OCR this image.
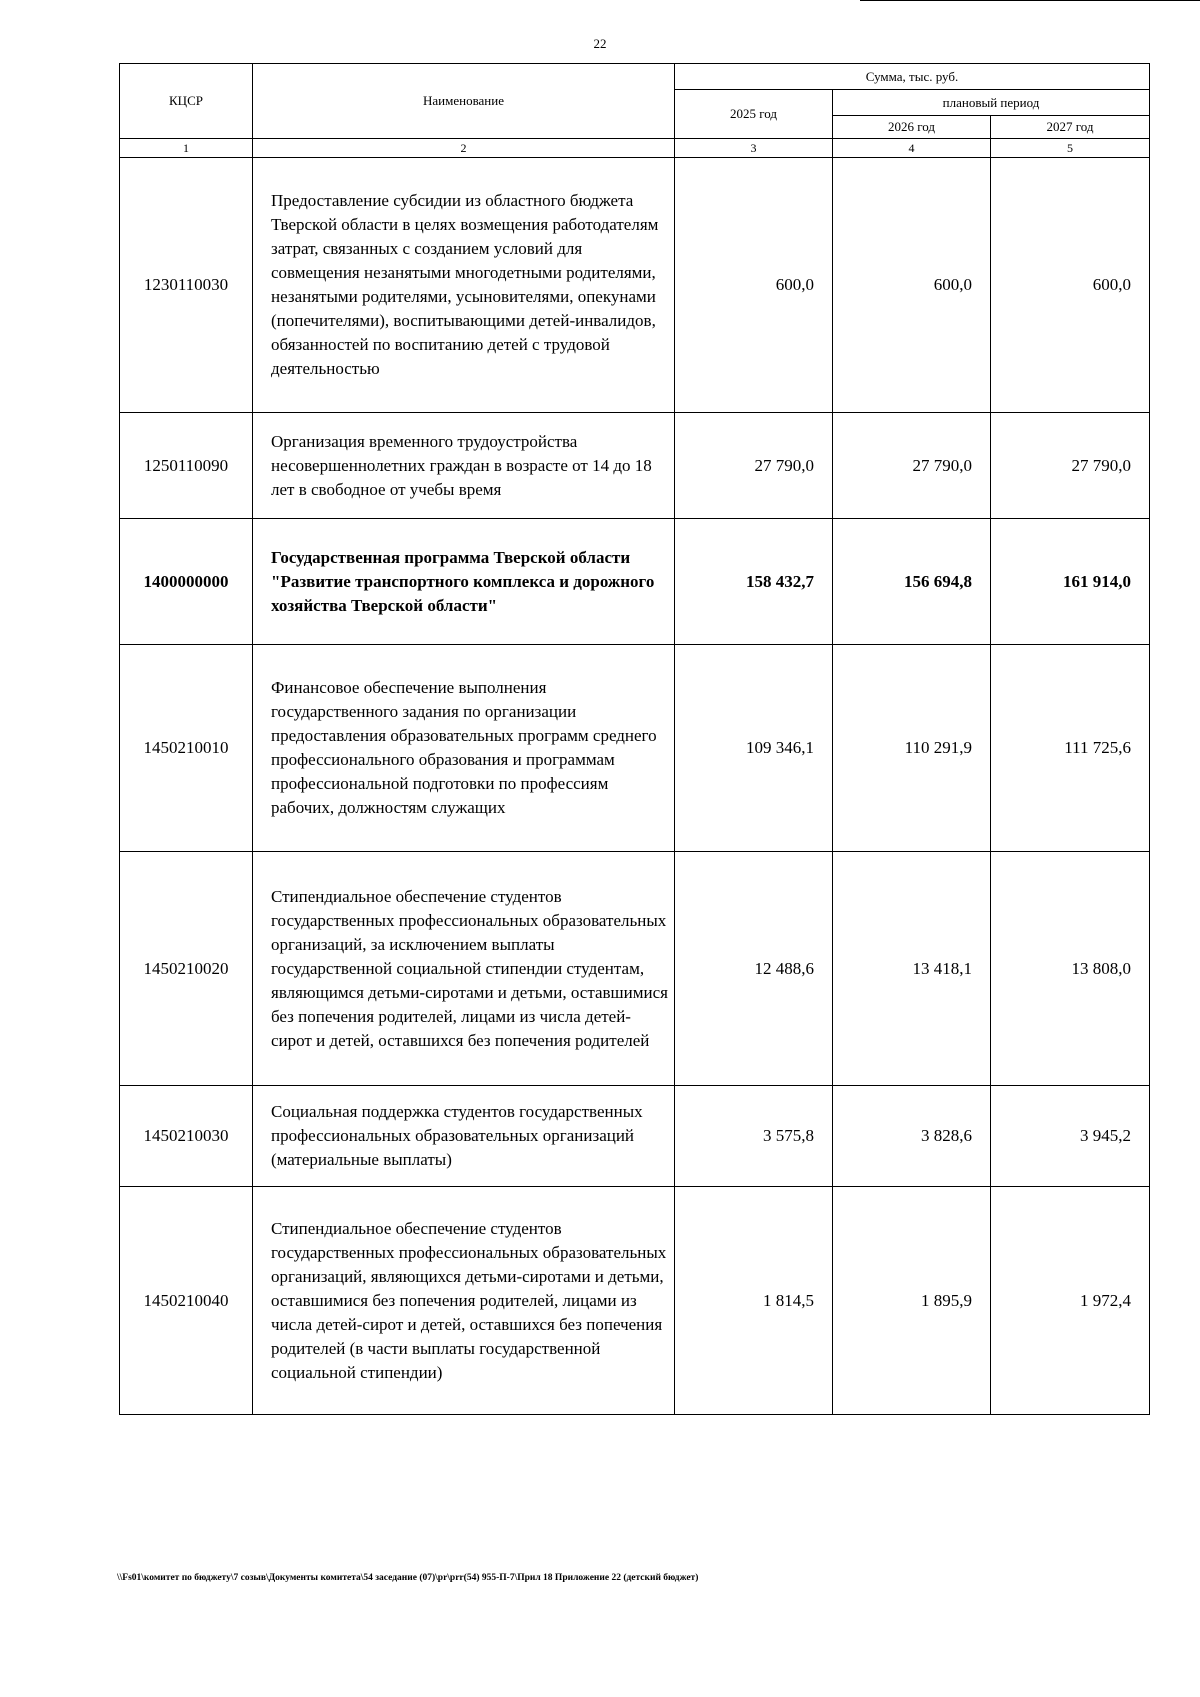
22
КЦСР	Наименование	Сумма, тыс. руб.		
		2025 год	плановый период	
			2026 год	2027 год
1	2	3	4	5
1230110030	Предоставление субсидии из областного бюджета Тверской области в целях возмещения работодателям затрат, связанных с созданием условий для совмещения незанятыми многодетными родителями, незанятыми родителями, усыновителями, опекунами (попечителями), воспитывающими детей-инвалидов, обязанностей по воспитанию детей с трудовой деятельностью	600,0	600,0	600,0
1250110090	Организация временного трудоустройства несовершеннолетних граждан в возрасте от 14 до 18 лет в свободное от учебы время	27 790,0	27 790,0	27 790,0
1400000000	Государственная программа Тверской области "Развитие транспортного комплекса и дорожного хозяйства Тверской области"	158 432,7	156 694,8	161 914,0
1450210010	Финансовое обеспечение выполнения государственного задания по организации предоставления образовательных программ среднего профессионального образования и программам профессиональной подготовки по профессиям рабочих, должностям служащих	109 346,1	110 291,9	111 725,6
1450210020	Стипендиальное обеспечение студентов государственных профессиональных образовательных организаций, за исключением выплаты государственной социальной стипендии студентам, являющимся детьми-сиротами и детьми, оставшимися без попечения родителей, лицами из числа детей-сирот и детей, оставшихся без попечения родителей	12 488,6	13 418,1	13 808,0
1450210030	Социальная поддержка студентов государственных профессиональных образовательных организаций (материальные выплаты)	3 575,8	3 828,6	3 945,2
1450210040	Стипендиальное обеспечение студентов государственных профессиональных образовательных организаций, являющихся детьми-сиротами и детьми, оставшимися без попечения родителей, лицами из числа детей-сирот и детей, оставшихся без попечения родителей (в части выплаты государственной социальной стипендии)	1 814,5	1 895,9	1 972,4
\\Fs01\комитет по бюджету\7 созыв\Документы комитета\54 заседание (07)\pr\prr(54) 955-П-7\Прил 18 Приложение 22 (детский бюджет)
